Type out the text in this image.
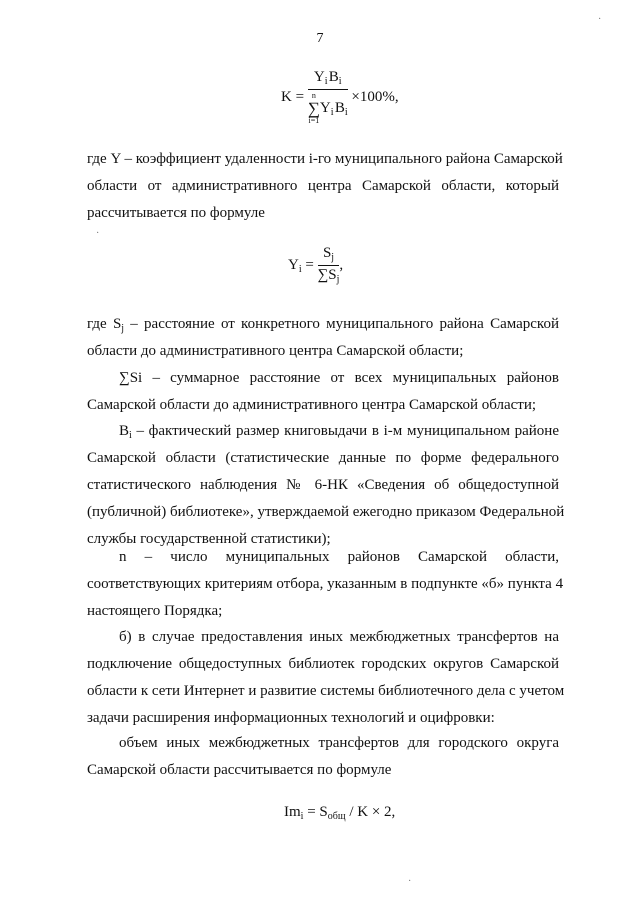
7
$K = Y_i$ $B_i$
n
∑
i=1
$Y_i$ $B_i \times 100\%$,
где Y – коэффициент удаленности i-го муниципального района Самарской
области от административного центра Самарской области, который
рассчитывается по формуле
$Y_i = \frac{S_j}{\sum S_j}$ ,
где $S_j$ – расстояние от конкретного муниципального района Самарской
области до административного центра Самарской области;
∑Si – суммарное расстояние от всех муниципальных районов
Самарской области до административного центра Самарской области;
$B_i$ – фактический размер книговыдачи в i-м муниципальном районе
Самарской области (статистические данные по форме федерального
статистического наблюдения № 6-НК «Сведения об общедоступной
(публичной) библиотеке», утверждаемой ежегодно приказом Федеральной
службы государственной статистики);
n – число муниципальных районов Самарской области,
соответствующих критериям отбора, указанным в подпункте «б» пункта 4
настоящего Порядка;
б) в случае предоставления иных межбюджетных трансфертов на
подключение общедоступных библиотек городских округов Самарской
области к сети Интернет и развитие системы библиотечного дела с учетом
задачи расширения информационных технологий и оцифровки:
объем иных межбюджетных трансфертов для городского округа
Самарской области рассчитывается по формуле
$Im_i = S_{общ} / K \times 2$,
·
·
·
